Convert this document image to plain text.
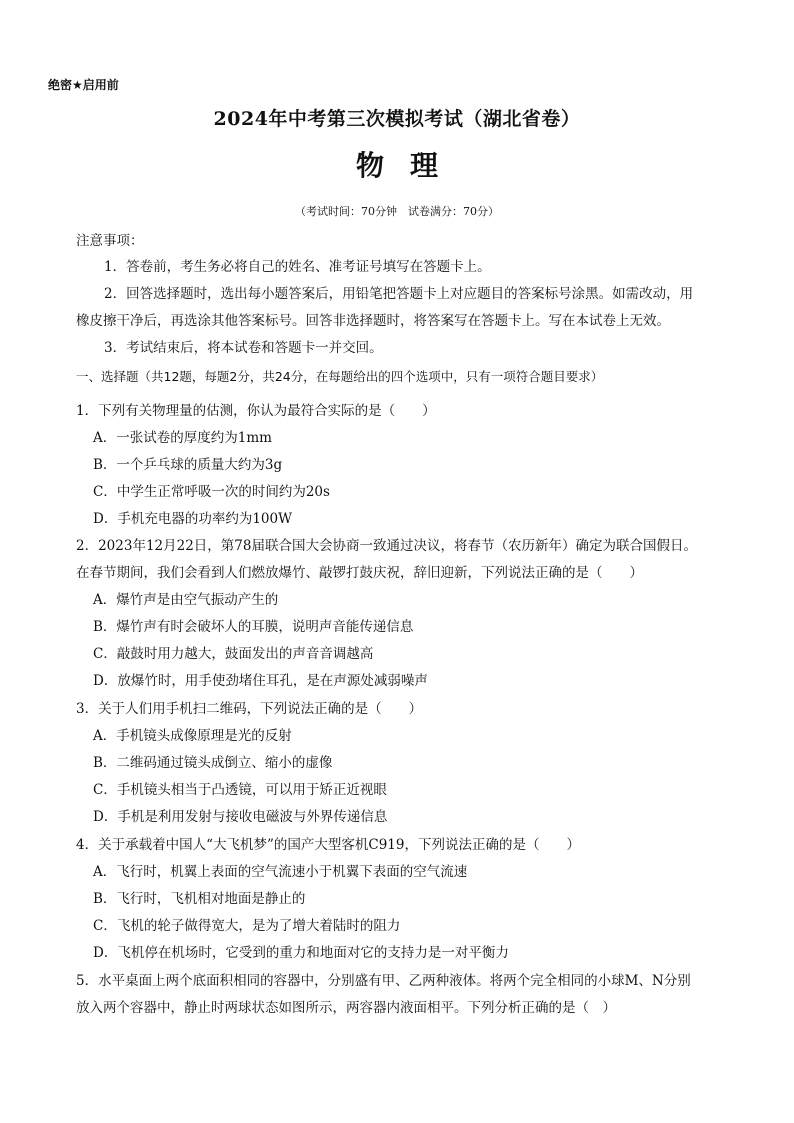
绝密★启用前
2024年中考第三次模拟考试（湖北省卷）
物理
（考试时间：70分钟　试卷满分：70分）
注意事项：
1．答卷前，考生务必将自己的姓名、准考证号填写在答题卡上。
2．回答选择题时，选出每小题答案后，用铅笔把答题卡上对应题目的答案标号涂黑。如需改动，用
橡皮擦干净后，再选涂其他答案标号。回答非选择题时，将答案写在答题卡上。写在本试卷上无效。
3．考试结束后，将本试卷和答题卡一并交回。
一、选择题（共12题，每题2分，共24分，在每题给出的四个选项中，只有一项符合题目要求）
1．下列有关物理量的估测，你认为最符合实际的是（　　）
A．一张试卷的厚度约为1mm
B．一个乒乓球的质量大约为3g
C．中学生正常呼吸一次的时间约为20s
D．手机充电器的功率约为100W
2．2023年12月22日，第78届联合国大会协商一致通过决议，将春节（农历新年）确定为联合国假日。
在春节期间，我们会看到人们燃放爆竹、敲锣打鼓庆祝，辞旧迎新，下列说法正确的是（　　）
A．爆竹声是由空气振动产生的
B．爆竹声有时会破坏人的耳膜，说明声音能传递信息
C．敲鼓时用力越大，鼓面发出的声音音调越高
D．放爆竹时，用手使劲堵住耳孔，是在声源处减弱噪声
3．关于人们用手机扫二维码，下列说法正确的是（　　）
A．手机镜头成像原理是光的反射
B．二维码通过镜头成倒立、缩小的虚像
C．手机镜头相当于凸透镜，可以用于矫正近视眼
D．手机是利用发射与接收电磁波与外界传递信息
4．关于承载着中国人“大飞机梦”的国产大型客机C919，下列说法正确的是（　　）
A．飞行时，机翼上表面的空气流速小于机翼下表面的空气流速
B．飞行时，飞机相对地面是静止的
C．飞机的轮子做得宽大，是为了增大着陆时的阻力
D．飞机停在机场时，它受到的重力和地面对它的支持力是一对平衡力
5．水平桌面上两个底面积相同的容器中，分别盛有甲、乙两种液体。将两个完全相同的小球M、N分别
放入两个容器中，静止时两球状态如图所示，两容器内液面相平。下列分析正确的是（　）
